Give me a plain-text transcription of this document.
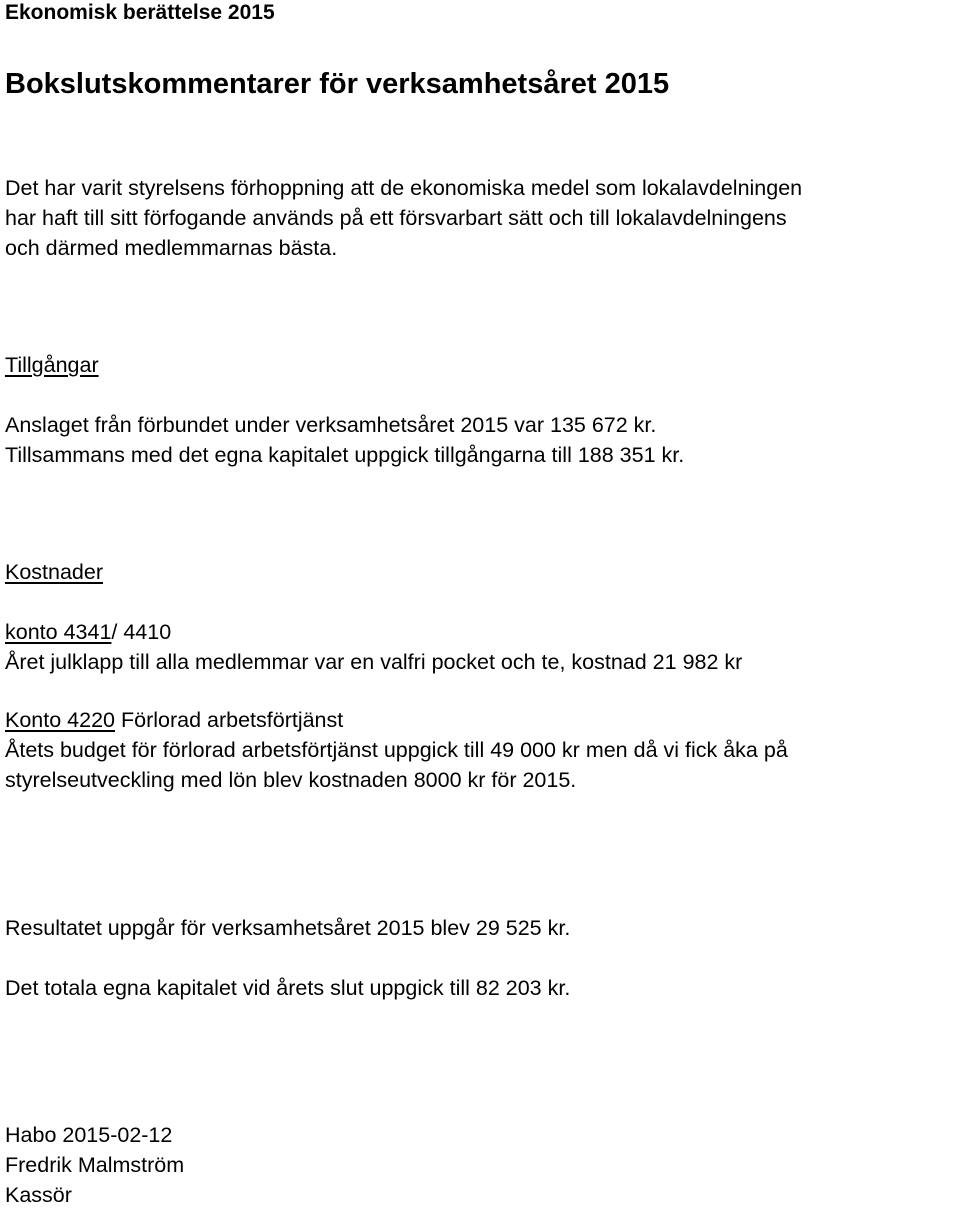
Ekonomisk berättelse 2015
Bokslutskommentarer för verksamhetsåret 2015
Det har varit styrelsens förhoppning att de ekonomiska medel som lokalavdelningen
har haft till sitt förfogande används på ett försvarbart sätt och till lokalavdelningens
och därmed medlemmarnas bästa.
Tillgångar
Anslaget från förbundet under verksamhetsåret 2015 var 135 672 kr.
Tillsammans med det egna kapitalet uppgick tillgångarna till 188 351 kr.
Kostnader
konto 4341/ 4410
Året julklapp till alla medlemmar var en valfri pocket och te, kostnad 21 982 kr
Konto 4220 Förlorad arbetsförtjänst
Åtets budget för förlorad arbetsförtjänst uppgick till 49 000 kr men då vi fick åka på
styrelseutveckling med lön blev kostnaden 8000 kr för 2015.
Resultatet uppgår för verksamhetsåret 2015 blev 29 525 kr.
Det totala egna kapitalet vid årets slut uppgick till 82 203 kr.
Habo 2015-02-12
Fredrik Malmström
Kassör
